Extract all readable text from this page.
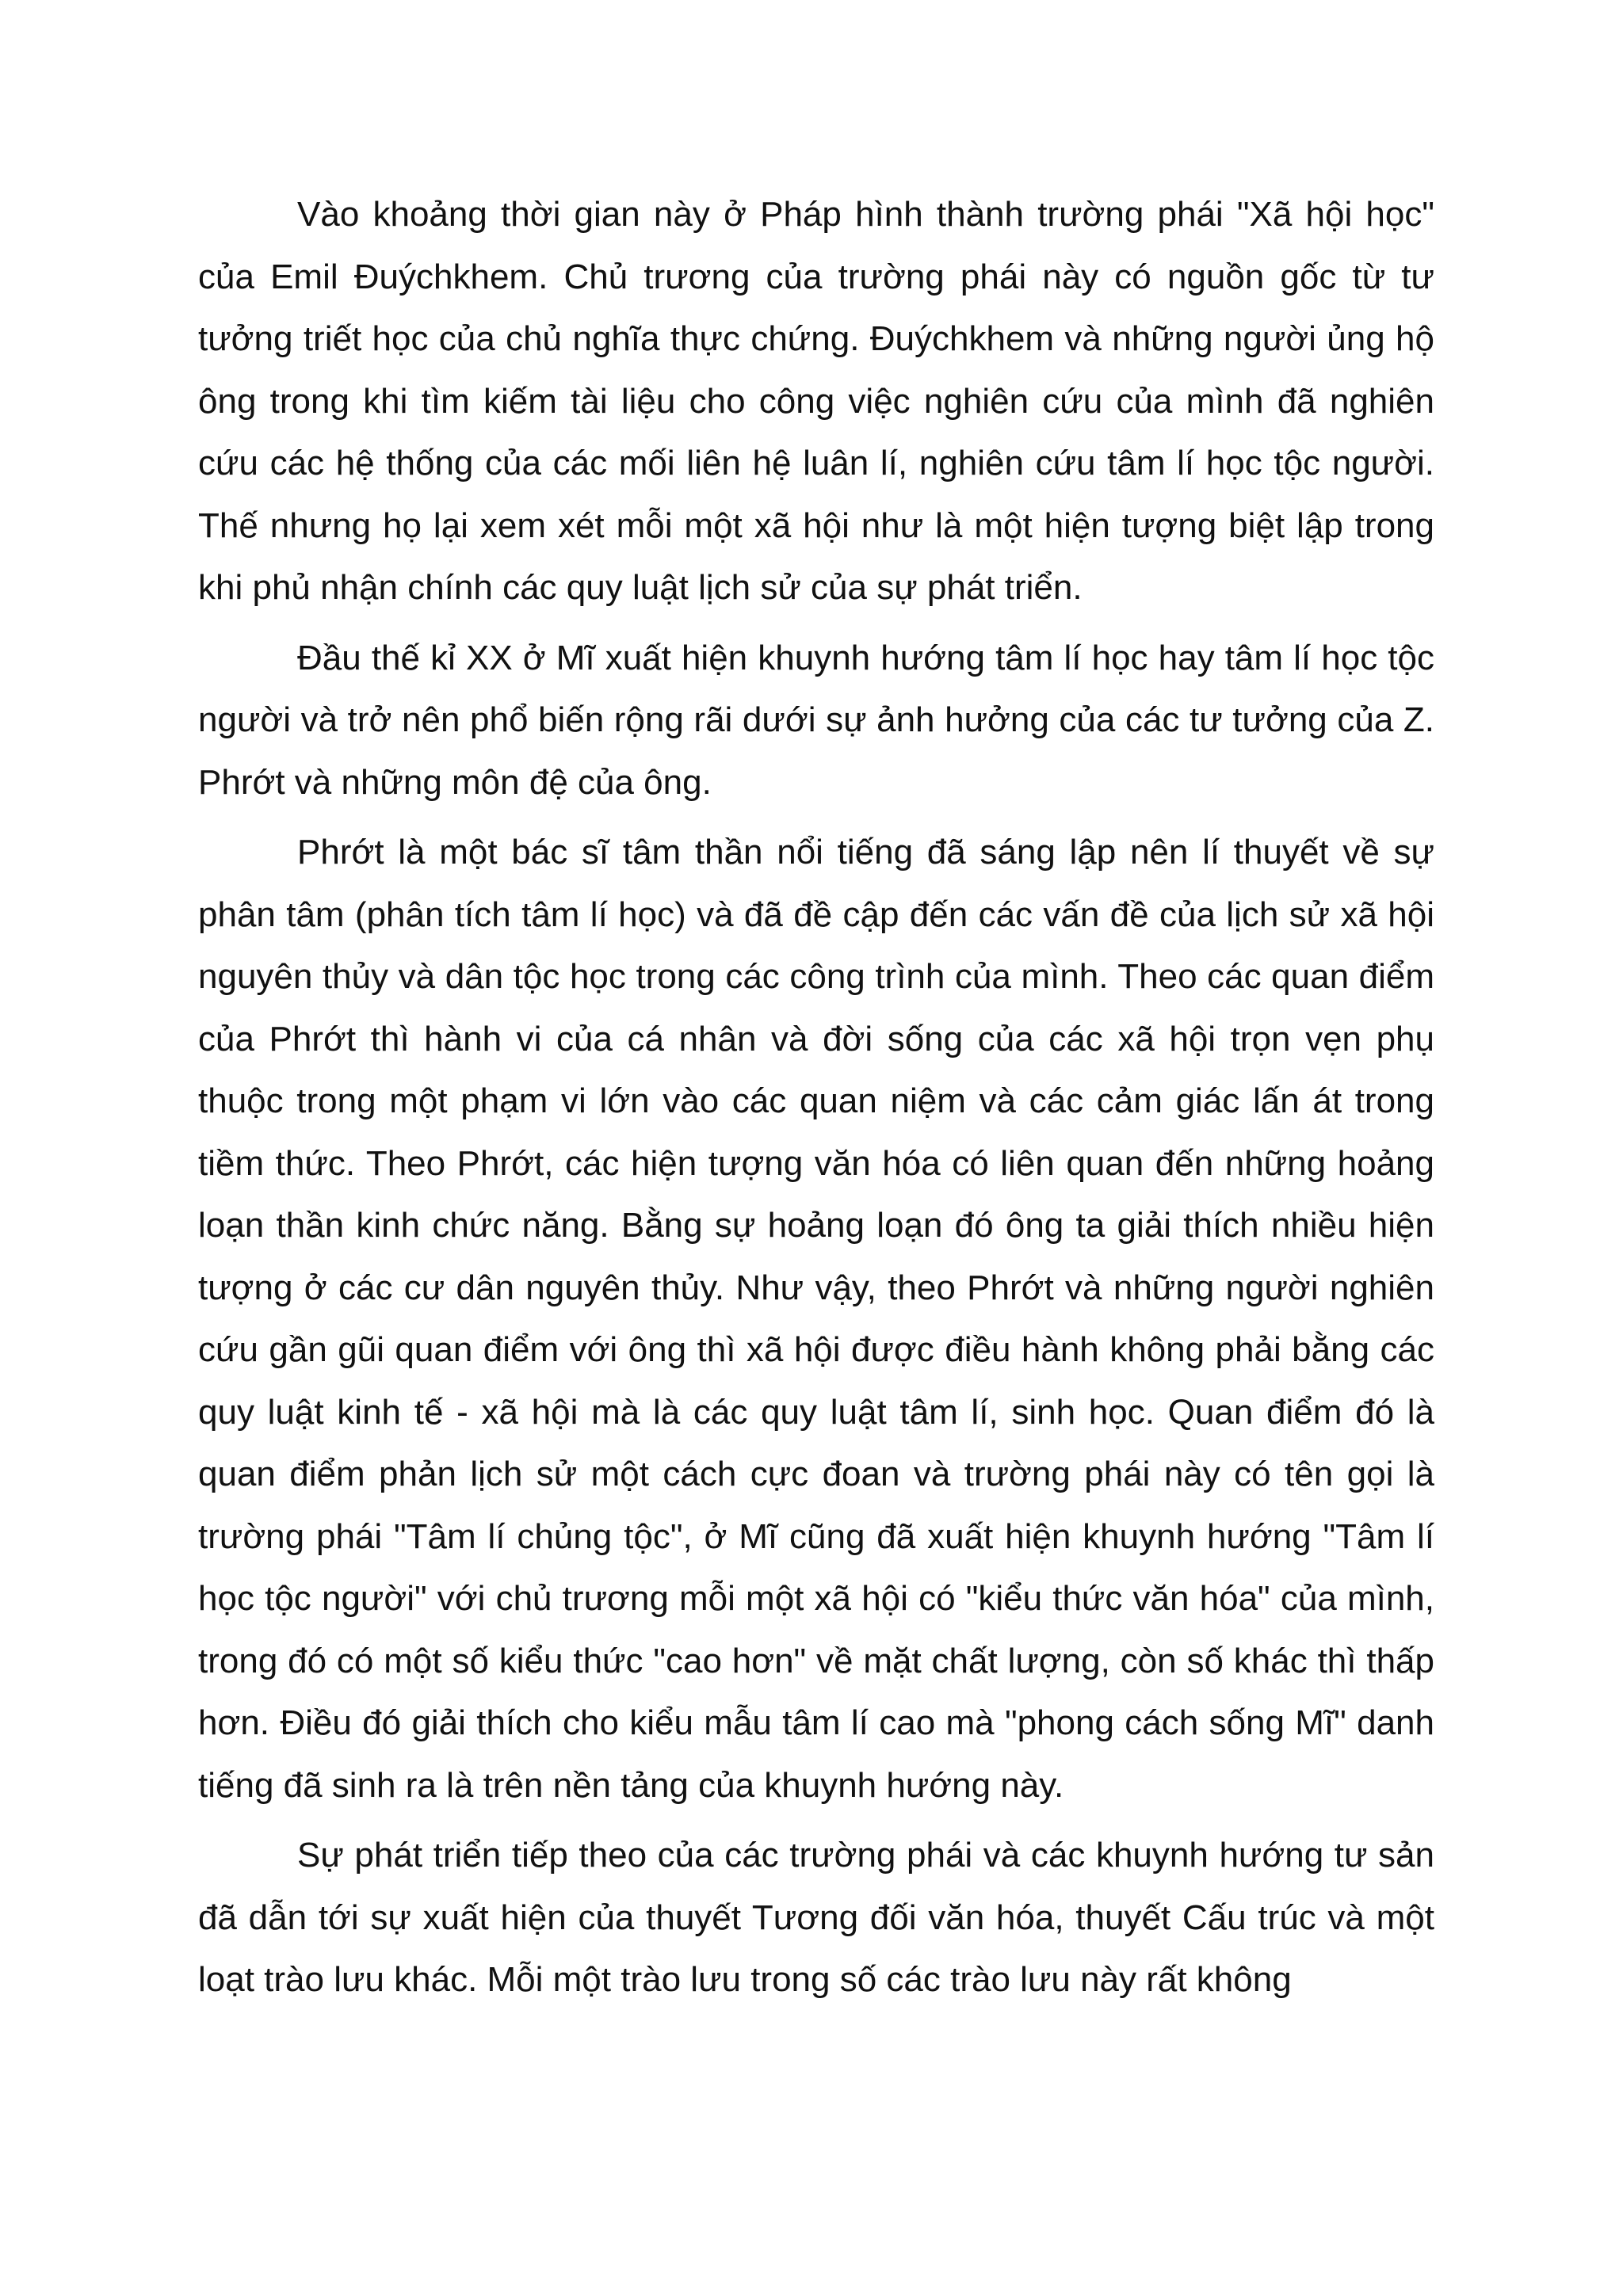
Vào khoảng thời gian này ở Pháp hình thành trường phái "Xã hội học" của Emil Đuýchkhem. Chủ trương của trường phái này có nguồn gốc từ tư tưởng triết học của chủ nghĩa thực chứng. Đuýchkhem và những người ủng hộ ông trong khi tìm kiếm tài liệu cho công việc nghiên cứu của mình đã nghiên cứu các hệ thống của các mối liên hệ luân lí, nghiên cứu tâm lí học tộc người. Thế nhưng họ lại xem xét mỗi một xã hội như là một hiện tượng biệt lập trong khi phủ nhận chính các quy luật lịch sử của sự phát triển.

Đầu thế kỉ XX ở Mĩ xuất hiện khuynh hướng tâm lí học hay tâm lí học tộc người và trở nên phổ biến rộng rãi dưới sự ảnh hưởng của các tư tưởng của Z. Phrớt và những môn đệ của ông.

Phrớt là một bác sĩ tâm thần nổi tiếng đã sáng lập nên lí thuyết về sự phân tâm (phân tích tâm lí học) và đã đề cập đến các vấn đề của lịch sử xã hội nguyên thủy và dân tộc học trong các công trình của mình. Theo các quan điểm của Phrớt thì hành vi của cá nhân và đời sống của các xã hội trọn vẹn phụ thuộc trong một phạm vi lớn vào các quan niệm và các cảm giác lấn át trong tiềm thức. Theo Phrớt, các hiện tượng văn hóa có liên quan đến những hoảng loạn thần kinh chức năng. Bằng sự hoảng loạn đó ông ta giải thích nhiều hiện tượng ở các cư dân nguyên thủy. Như vậy, theo Phrớt và những người nghiên cứu gần gũi quan điểm với ông thì xã hội được điều hành không phải bằng các quy luật kinh tế - xã hội mà là các quy luật tâm lí, sinh học. Quan điểm đó là quan điểm phản lịch sử một cách cực đoan và trường phái này có tên gọi là trường phái "Tâm lí chủng tộc", ở Mĩ cũng đã xuất hiện khuynh hướng "Tâm lí học tộc người" với chủ trương mỗi một xã hội có "kiểu thức văn hóa" của mình, trong đó có một số kiểu thức "cao hơn" về mặt chất lượng, còn số khác thì thấp hơn. Điều đó giải thích cho kiểu mẫu tâm lí cao mà "phong cách sống Mĩ" danh tiếng đã sinh ra là trên nền tảng của khuynh hướng này.

Sự phát triển tiếp theo của các trường phái và các khuynh hướng tư sản đã dẫn tới sự xuất hiện của thuyết Tương đối văn hóa, thuyết Cấu trúc và một loạt trào lưu khác. Mỗi một trào lưu trong số các trào lưu này rất không
